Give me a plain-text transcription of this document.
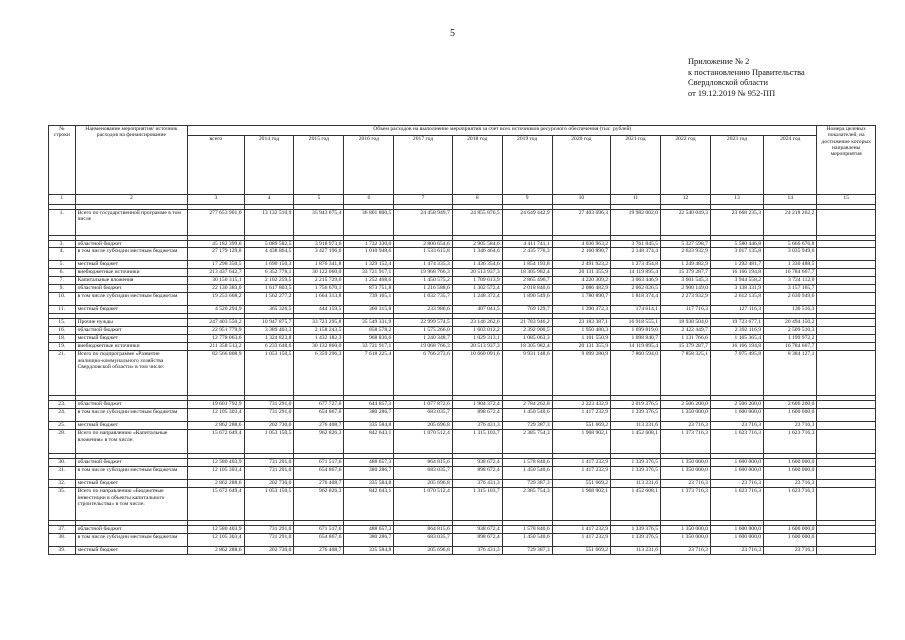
5
Приложение № 2
к постановлению Правительства
Свердловской области
от 19.12.2019 № 952-ПП
№ строки	Наименование мероприятия/ источник расходов на финансирование	Объем расходов на выполнение мероприятия за счет всех источников ресурсного обеспечения (тыс. рублей)												Номера целевых показателей, на достижение которых направлены мероприятия
		всего	2014 год	2015 год	2016 год	2017 год	2018 год	2019 год	2020 год	2021 год	2022 год	2023 год	2024 год	
1	2	3	4	5	6	7	8	9	10	11	12	13	14	15

1.	Всего по государственной программе в том числе	277 653 901,0	13 132 510,9	35 943 075,4	36 801 800,5	24 458 949,7	24 855 876,5	24 649 442,9	27 403 696,3	19 982 002,0	22 540 049,3	23 668 235,3	24 218 262,2	

3.	областной бюджет	45 182 399,6	5 089 582,5	3 918 973,6	1 732 330,0	2 800 654,6	2 905 584,6	4 411 741,1	4 036 963,2	3 761 845,5	5 327 598,7	5 580 446,8	5 666 676,8	
4.	в том числе субсидии местным бюджетам	27 179 129,8	4 438 864,5	3 427 196,6	1 010 948,6	1 533 615,8	1 346 464,6	2 435 776,3	2 160 890,7	2 148 374,4	2 623 932,9	3 017 135,8	3 035 949,6	
5.	местный бюджет	17 298 350,5	1 690 150,3	1 876 341,8	1 329 152,4	1 474 335,3	1 436 354,6	1 854 193,8	2 491 923,2	1 273 454,8	1 249 482,9	1 292 481,7	1 330 488,5	
6.	внебюджетные источники	213 437 642,7	6 352 778,1	30 122 060,0	33 721 917,1	19 968 766,3	20 513 937,3	18 305 982,4	20 131 355,9	14 119 895,4	15 379 287,7	16 166 194,8	16 784 667,7	
7.	Капитальные вложения	30 150 315,1	2 102 259,5	2 215 729,6	1 252 468,6	1 450 575,2	1 709 613,9	2 865 496,7	4 220 309,2	3 063 446,9	3 601 545,3	3 944 558,2	3 724 112,0	
9.	областной бюджет	22 130 383,0	1 617 803,5	1 756 670,1	873 751,8	1 216 588,6	1 302 572,4	2 018 840,6	2 086 482,9	2 062 026,5	2 900 149,0	3 138 331,9	3 157 165,7	
10.	в том числе субсидии местным бюджетам	19 253 668,2	1 562 277,2	1 664 313,8	739 165,1	1 032 735,7	1 248 372,4	1 890 549,6	1 780 890,7	1 818 374,4	2 273 932,9	2 612 135,8	2 630 949,6	
11.	местный бюджет	4 520 294,9	365 326,5	444 159,5	360 315,8	233 986,6	407 041,5	769 129,7	1 390 372,3	174 614,1	117 716,3	127 116,3	130 516,3	

15.	Прочие нужды	247 403 550,2	10 947 875,7	33 723 295,8	35 549 331,9	22 999 574,5	23 146 262,6	21 783 946,2	23 183 387,1	16 918 555,1	18 938 504,0	19 723 677,1	20 494 150,2	
16.	областной бюджет	22 951 779,9	3 389 403,3	2 158 243,5	858 578,2	1 575 266,0	1 603 012,2	2 392 900,5	1 950 480,3	1 699 819,0	2 422 449,7	2 392 116,9	2 509 510,3	
18.	местный бюджет	12 778 063,6	1 324 823,8	1 432 182,3	968 836,6	1 240 348,7	1 029 313,1	1 085 063,3	1 101 550,9	1 098 840,7	1 131 766,6	1 165 365,4	1 199 972,2	
19.	внебюджетные источники	211 358 513,2	6 233 648,6	30 132 860,0	33 721 917,1	19 068 766,3	20 513 937,3	18 305 982,4	20 131 355,9	14 119 895,4	15 379 287,7	16 166 194,8	16 784 667,7	
21.	Всего по подпрограмме «Развитие жилищно-коммунального хозяйства Свердловской области» в том числе:	82 566 808,9	1 053 150,5	6 359 296,3	7 618 225,4	6 766 273,6	10 660 091,6	9 931 148,6	9 099 280,9	7 860 594,0	7 858 325,1	7 975 495,8	8 384 127,1	

23.	областной бюджет	19 601 792,9	731 291,0	677 727,6	644 857,3	1 077 872,6	1 904 372,4	2 784 262,8	2 223 432,9	2 019 376,5	2 506 200,0	2 506 200,0	2 606 200,0	
24.	в том числе субсидии местным бюджетам	12 105 303,4	731 291,0	654 867,6	380 286,7	683 035,7	898 672,4	1 450 540,6	1 417 232,9	1 339 376,5	1 350 000,0	1 600 000,0	1 600 000,0	
25.	местный бюджет	2 862 288,6	202 730,0	276 408,7	335 584,8	205 696,8	376 431,3	729 387,3	551 669,2	113 231,6	23 716,3	23 716,3	23 716,3	
28.	Всего по направлению «Капитальные вложения» в том числе:	15 672 649,4	1 053 150,5	962 826,3	842 643,1	1 070 512,4	1 315 103,7	2 385 754,3	1 968 902,1	1 452 608,1	1 373 716,3	1 623 716,3	1 623 716,3	

30.	областной бюджет	12 580 403,9	731 291,0	671 517,6	488 657,3	864 815,6	938 672,4	1 578 840,6	1 417 232,9	1 339 376,5	1 350 000,0	1 600 000,0	1 600 000,0	
31.	в том числе субсидии местным бюджетам	12 105 303,4	731 291,0	654 867,6	380 286,7	683 035,7	898 672,4	1 450 540,6	1 417 232,9	1 339 376,5	1 350 000,0	1 600 000,0	1 600 000,0	
32.	местный бюджет	2 862 288,6	202 730,0	276 408,7	335 584,8	205 696,8	376 431,3	729 387,3	551 669,2	113 231,6	23 716,3	23 716,3	23 716,3	
35.	Всего по направлению «Бюджетные инвестиции в объекты капитального строительства» в том числе:	15 672 649,4	1 053 150,5	962 826,3	842 643,1	1 070 512,4	1 315 103,7	2 385 754,3	1 968 902,1	1 452 608,1	1 373 716,3	1 623 716,3	1 623 716,3	

37.	областной бюджет	12 580 403,9	731 291,0	671 517,6	488 657,3	864 815,6	938 672,4	1 578 840,6	1 417 232,9	1 339 376,5	1 350 000,0	1 600 000,0	1 600 000,0	
38.	в том числе субсидии местным бюджетам	12 105 303,4	731 291,0	654 867,6	380 286,7	683 035,7	898 672,4	1 450 540,6	1 417 232,9	1 339 376,5	1 350 000,0	1 600 000,0	1 600 000,0	
39.	местный бюджет	2 862 288,6	202 730,0	276 408,7	335 584,8	205 696,8	376 431,3	729 387,3	551 669,2	113 231,6	23 716,3	23 716,3	23 716,3	
